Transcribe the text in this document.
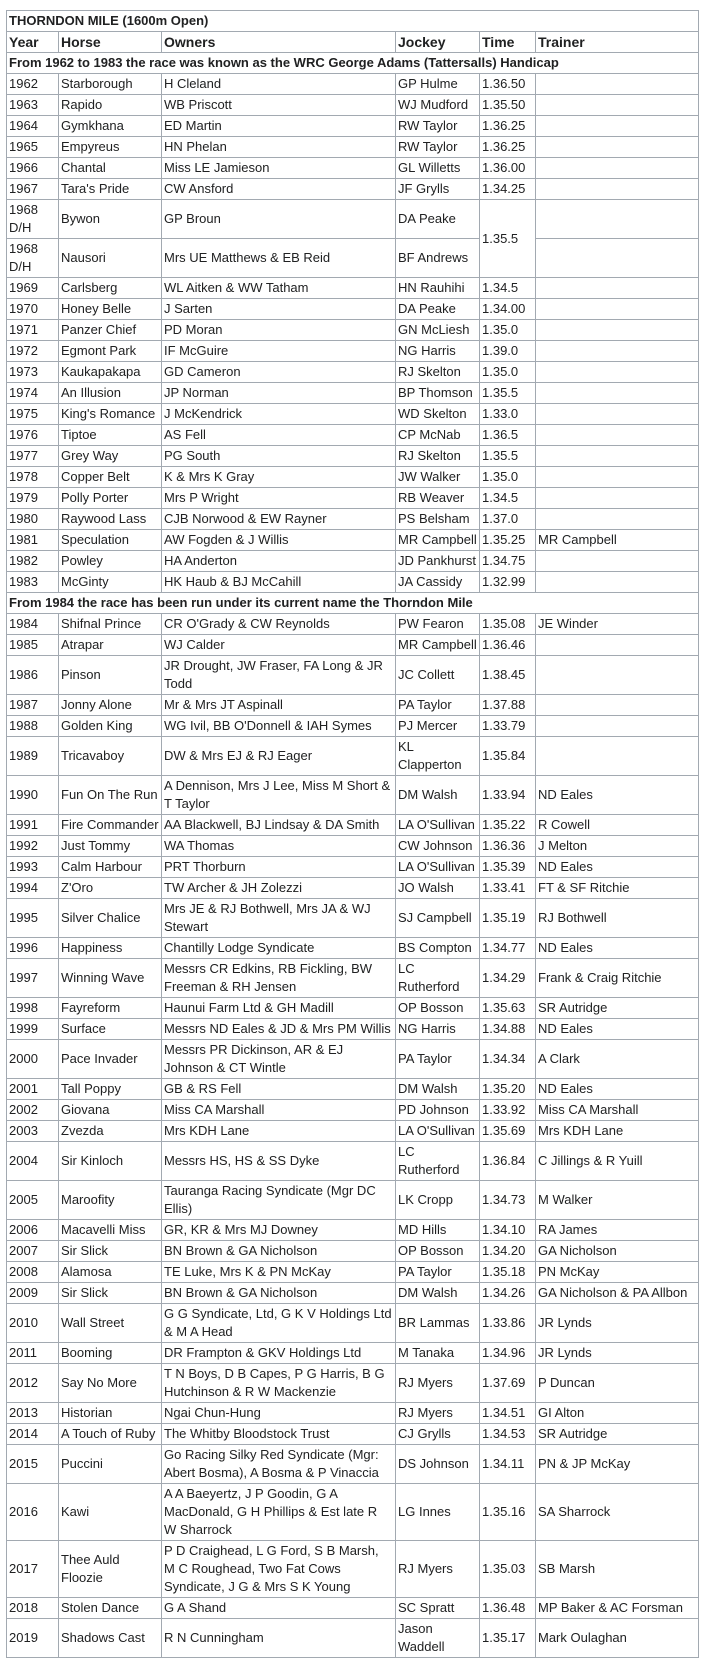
THORNDON MILE (1600m Open)					
Year	Horse	Owners	Jockey	Time	Trainer
From 1962 to 1983 the race was known as the WRC George Adams (Tattersalls) Handicap					
1962	Starborough	H Cleland	GP Hulme	1.36.50	
1963	Rapido	WB Priscott	WJ Mudford	1.35.50	
1964	Gymkhana	ED Martin	RW Taylor	1.36.25	
1965	Empyreus	HN Phelan	RW Taylor	1.36.25	
1966	Chantal	Miss LE Jamieson	GL Willetts	1.36.00	
1967	Tara's Pride	CW Ansford	JF Grylls	1.34.25	
1968 D/H	Bywon	GP Broun	DA Peake	1.35.5	
1968 D/H	Nausori	Mrs UE Matthews & EB Reid	BF Andrews		
1969	Carlsberg	WL Aitken & WW Tatham	HN Rauhihi	1.34.5	
1970	Honey Belle	J Sarten	DA Peake	1.34.00	
1971	Panzer Chief	PD Moran	GN McLiesh	1.35.0	
1972	Egmont Park	IF McGuire	NG Harris	1.39.0	
1973	Kaukapakapa	GD Cameron	RJ Skelton	1.35.0	
1974	An Illusion	JP Norman	BP Thomson	1.35.5	
1975	King's Romance	J McKendrick	WD Skelton	1.33.0	
1976	Tiptoe	AS Fell	CP McNab	1.36.5	
1977	Grey Way	PG South	RJ Skelton	1.35.5	
1978	Copper Belt	K & Mrs K Gray	JW Walker	1.35.0	
1979	Polly Porter	Mrs P Wright	RB Weaver	1.34.5	
1980	Raywood Lass	CJB Norwood & EW Rayner	PS Belsham	1.37.0	
1981	Speculation	AW Fogden & J Willis	MR Campbell	1.35.25	MR Campbell
1982	Powley	HA Anderton	JD Pankhurst	1.34.75	
1983	McGinty	HK Haub & BJ McCahill	JA Cassidy	1.32.99	
From 1984 the race has been run under its current name the Thorndon Mile					
1984	Shifnal Prince	CR O'Grady & CW Reynolds	PW Fearon	1.35.08	JE Winder
1985	Atrapar	WJ Calder	MR Campbell	1.36.46	
1986	Pinson	JR Drought, JW Fraser, FA Long & JR Todd	JC Collett	1.38.45	
1987	Jonny Alone	Mr & Mrs JT Aspinall	PA Taylor	1.37.88	
1988	Golden King	WG Ivil, BB O'Donnell & IAH Symes	PJ Mercer	1.33.79	
1989	Tricavaboy	DW & Mrs EJ & RJ Eager	KL Clapperton	1.35.84	
1990	Fun On The Run	A Dennison, Mrs J Lee, Miss M Short & T Taylor	DM Walsh	1.33.94	ND Eales
1991	Fire Commander	AA Blackwell, BJ Lindsay & DA Smith	LA O'Sullivan	1.35.22	R Cowell
1992	Just Tommy	WA Thomas	CW Johnson	1.36.36	J Melton
1993	Calm Harbour	PRT Thorburn	LA O'Sullivan	1.35.39	ND Eales
1994	Z'Oro	TW Archer & JH Zolezzi	JO Walsh	1.33.41	FT & SF Ritchie
1995	Silver Chalice	Mrs JE & RJ Bothwell, Mrs JA & WJ Stewart	SJ Campbell	1.35.19	RJ Bothwell
1996	Happiness	Chantilly Lodge Syndicate	BS Compton	1.34.77	ND Eales
1997	Winning Wave	Messrs CR Edkins, RB Fickling, BW Freeman & RH Jensen	LC Rutherford	1.34.29	Frank & Craig Ritchie
1998	Fayreform	Haunui Farm Ltd & GH Madill	OP Bosson	1.35.63	SR Autridge
1999	Surface	Messrs ND Eales & JD & Mrs PM Willis	NG Harris	1.34.88	ND Eales
2000	Pace Invader	Messrs PR Dickinson, AR & EJ Johnson & CT Wintle	PA Taylor	1.34.34	A Clark
2001	Tall Poppy	GB & RS Fell	DM Walsh	1.35.20	ND Eales
2002	Giovana	Miss CA Marshall	PD Johnson	1.33.92	Miss CA Marshall
2003	Zvezda	Mrs KDH Lane	LA O'Sullivan	1.35.69	Mrs KDH Lane
2004	Sir Kinloch	Messrs HS, HS & SS Dyke	LC Rutherford	1.36.84	C Jillings & R Yuill
2005	Maroofity	Tauranga Racing Syndicate (Mgr DC Ellis)	LK Cropp	1.34.73	M Walker
2006	Macavelli Miss	GR, KR & Mrs MJ Downey	MD Hills	1.34.10	RA James
2007	Sir Slick	BN Brown & GA Nicholson	OP Bosson	1.34.20	GA Nicholson
2008	Alamosa	TE Luke, Mrs K & PN McKay	PA Taylor	1.35.18	PN McKay
2009	Sir Slick	BN Brown & GA Nicholson	DM Walsh	1.34.26	GA Nicholson & PA Allbon
2010	Wall Street	G G Syndicate, Ltd, G K V Holdings Ltd & M A Head	BR Lammas	1.33.86	JR Lynds
2011	Booming	DR Frampton & GKV Holdings Ltd	M Tanaka	1.34.96	JR Lynds
2012	Say No More	T N Boys, D B Capes, P G Harris, B G Hutchinson & R W Mackenzie	RJ Myers	1.37.69	P Duncan
2013	Historian	Ngai Chun-Hung	RJ Myers	1.34.51	GI Alton
2014	A Touch of Ruby	The Whitby Bloodstock Trust	CJ Grylls	1.34.53	SR Autridge
2015	Puccini	Go Racing Silky Red Syndicate (Mgr: Abert Bosma), A Bosma & P Vinaccia	DS Johnson	1.34.11	PN & JP McKay
2016	Kawi	A A Baeyertz, J P Goodin, G A MacDonald, G H Phillips & Est late R W Sharrock	LG Innes	1.35.16	SA Sharrock
2017	Thee Auld Floozie	P D Craighead, L G Ford, S B Marsh, M C Roughead, Two Fat Cows Syndicate, J G & Mrs S K Young	RJ Myers	1.35.03	SB Marsh
2018	Stolen Dance	G A Shand	SC Spratt	1.36.48	MP Baker & AC Forsman
2019	Shadows Cast	R N Cunningham	Jason Waddell	1.35.17	Mark Oulaghan
